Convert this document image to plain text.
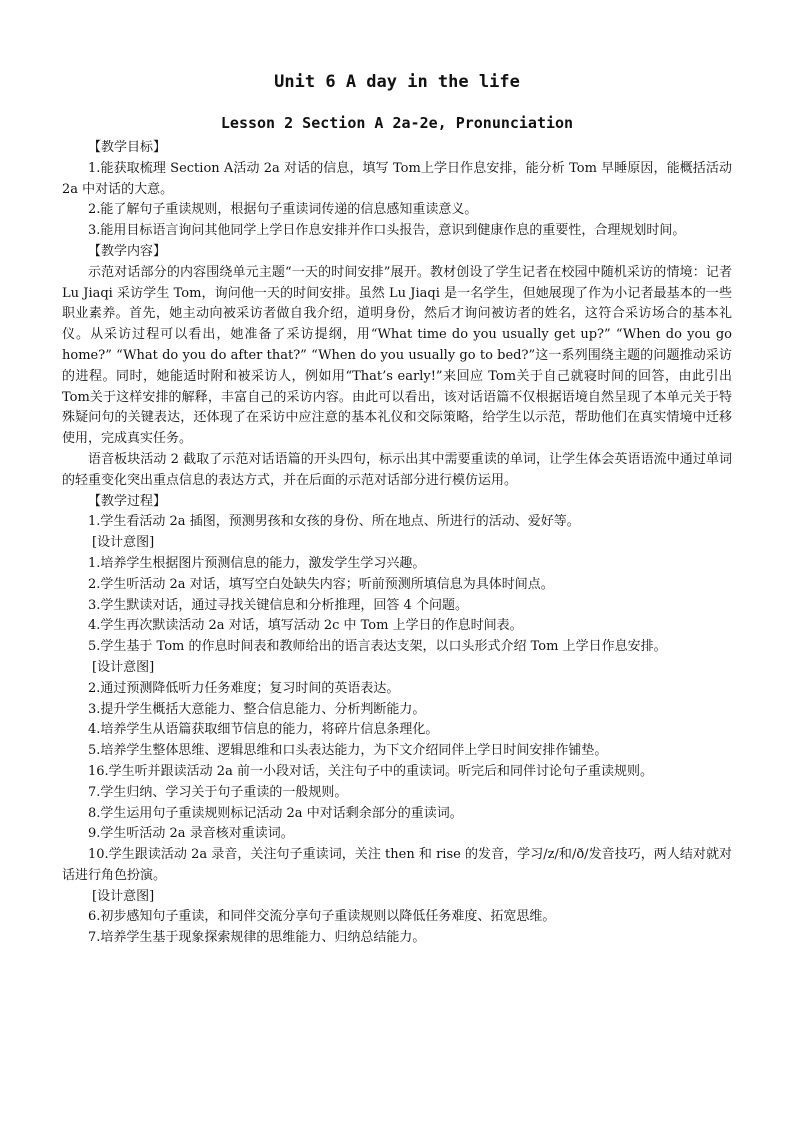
Unit 6 A day in the life
Lesson 2 Section A 2a-2e, Pronunciation

【教学目标】

1.能获取梳理 Section A活动 2a 对话的信息，填写 Tom上学日作息安排，能分析 Tom 早睡原因，能概括活动 2a 中对话的大意。

2.能了解句子重读规则，根据句子重读词传递的信息感知重读意义。

3.能用目标语言询问其他同学上学日作息安排并作口头报告，意识到健康作息的重要性，合理规划时间。

【教学内容】

示范对话部分的内容围绕单元主题“一天的时间安排”展开。教材创设了学生记者在校园中随机采访的情境：记者 Lu Jiaqi 采访学生 Tom，询问他一天的时间安排。虽然 Lu Jiaqi 是一名学生，但她展现了作为小记者最基本的一些职业素养。首先，她主动向被采访者做自我介绍，道明身份，然后才询问被访者的姓名，这符合采访场合的基本礼仪。从采访过程可以看出，她准备了采访提纲，用“What time do you usually get up?” “When do you go home?” “What do you do after that?” “When do you usually go to bed?”这一系列围绕主题的问题推动采访的进程。同时，她能适时附和被采访人，例如用“That’s early!”来回应 Tom关于自己就寝时间的回答，由此引出 Tom关于这样安排的解释，丰富自己的采访内容。由此可以看出，该对话语篇不仅根据语境自然呈现了本单元关于特殊疑问句的关键表达，还体现了在采访中应注意的基本礼仪和交际策略，给学生以示范，帮助他们在真实情境中迁移使用，完成真实任务。

语音板块活动 2 截取了示范对话语篇的开头四句，标示出其中需要重读的单词，让学生体会英语语流中通过单词的轻重变化突出重点信息的表达方式，并在后面的示范对话部分进行模仿运用。

【教学过程】

1.学生看活动 2a 插图，预测男孩和女孩的身份、所在地点、所进行的活动、爱好等。

[设计意图]

1.培养学生根据图片预测信息的能力，激发学生学习兴趣。

2.学生听活动 2a 对话，填写空白处缺失内容；听前预测所填信息为具体时间点。

3.学生默读对话，通过寻找关键信息和分析推理，回答 4 个问题。

4.学生再次默读活动 2a 对话，填写活动 2c 中 Tom 上学日的作息时间表。

5.学生基于 Tom 的作息时间表和教师给出的语言表达支架，以口头形式介绍 Tom 上学日作息安排。

[设计意图]

2.通过预测降低听力任务难度；复习时间的英语表达。

3.提升学生概括大意能力、整合信息能力、分析判断能力。

4.培养学生从语篇获取细节信息的能力，将碎片信息条理化。

5.培养学生整体思维、逻辑思维和口头表达能力，为下文介绍同伴上学日时间安排作铺垫。

16.学生听并跟读活动 2a 前一小段对话，关注句子中的重读词。听完后和同伴讨论句子重读规则。

7.学生归纳、学习关于句子重读的一般规则。

8.学生运用句子重读规则标记活动 2a 中对话剩余部分的重读词。

9.学生听活动 2a 录音核对重读词。

10.学生跟读活动 2a 录音，关注句子重读词，关注 then 和 rise 的发音，学习/z/和/ð/发音技巧，两人结对就对话进行角色扮演。

[设计意图]

6.初步感知句子重读，和同伴交流分享句子重读规则以降低任务难度、拓宽思维。

7.培养学生基于现象探索规律的思维能力、归纳总结能力。
